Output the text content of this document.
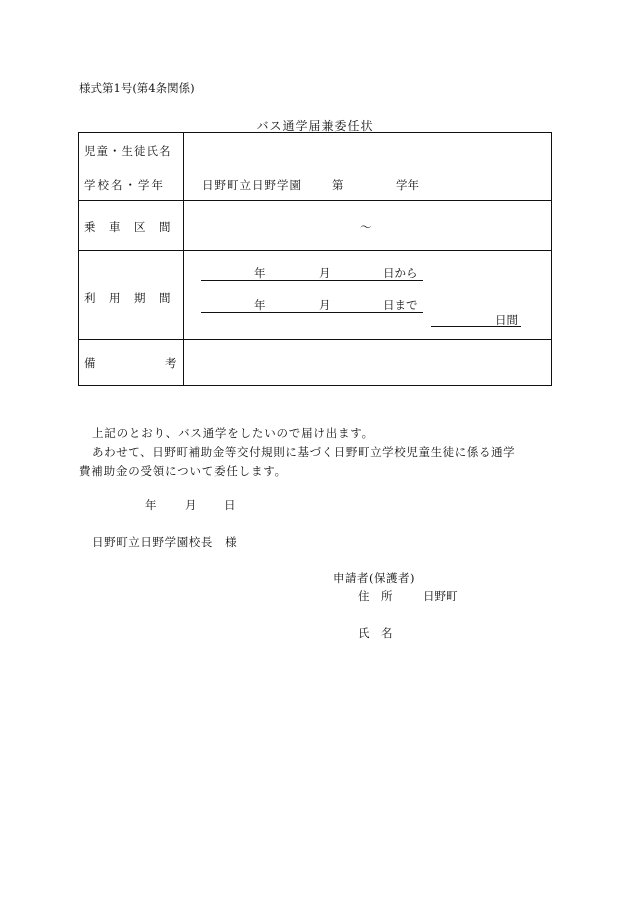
様式第1号(第4条関係)
バス通学届兼委任状
児童・生徒氏名
学校名・学年	日野町立日野学園	第	学年
乗　車　区　間	～
利　用　期　間
年	月	日から
年	月	日まで
日間
備	考
上記のとおり、バス通学をしたいので届け出ます。
あわせて、日野町補助金等交付規則に基づく日野町立学校児童生徒に係る通学
費補助金の受領について委任します。
年 月 日
日野町立日野学園校長　様
申請者(保護者)
住　所	日野町
氏　名
